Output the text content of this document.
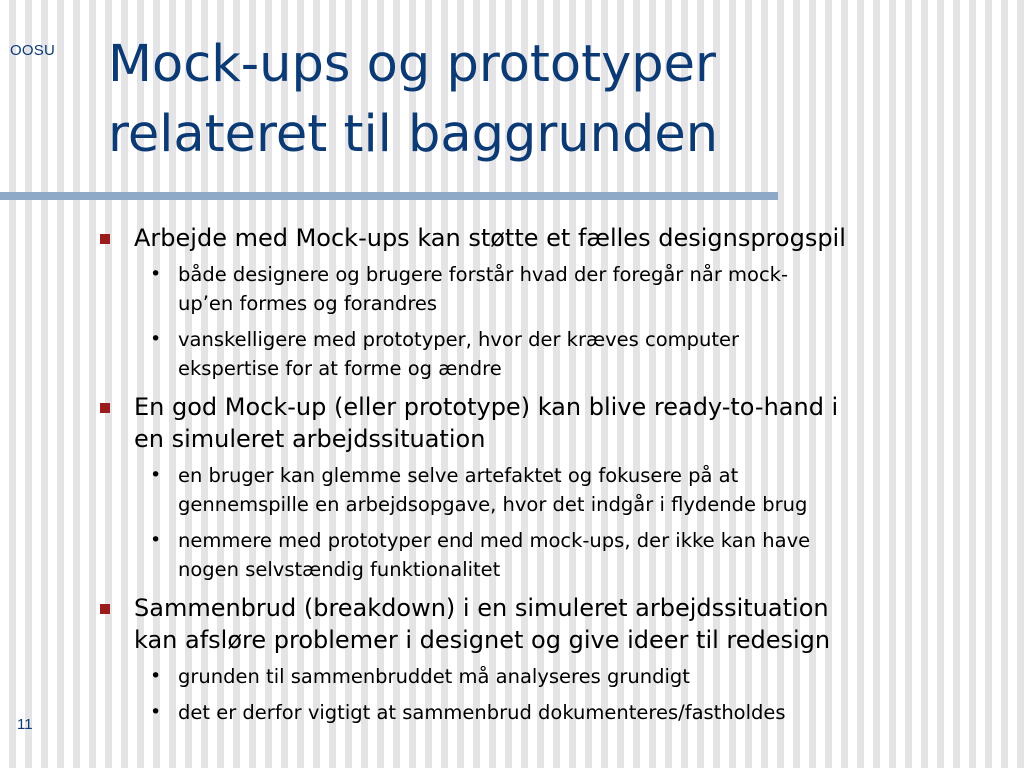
OOSU Mock-ups og prototyper
relateret til baggrunden
Arbejde med Mock-ups kan støtte et fælles designsprogspil
• både designere og brugere forstår hvad der foregår når mock-
up’en formes og forandres
• vanskelligere med prototyper, hvor der kræves computer
ekspertise for at forme og ændre
En god Mock-up (eller prototype) kan blive ready-to-hand i
en simuleret arbejdssituation
• en bruger kan glemme selve artefaktet og fokusere på at
gennemspille en arbejdsopgave, hvor det indgår i flydende brug
• nemmere med prototyper end med mock-ups, der ikke kan have
nogen selvstændig funktionalitet
Sammenbrud (breakdown) i en simuleret arbejdssituation
kan afsløre problemer i designet og give ideer til redesign
• grunden til sammenbruddet må analyseres grundigt
• det er derfor vigtigt at sammenbrud dokumenteres/fastholdes
11
